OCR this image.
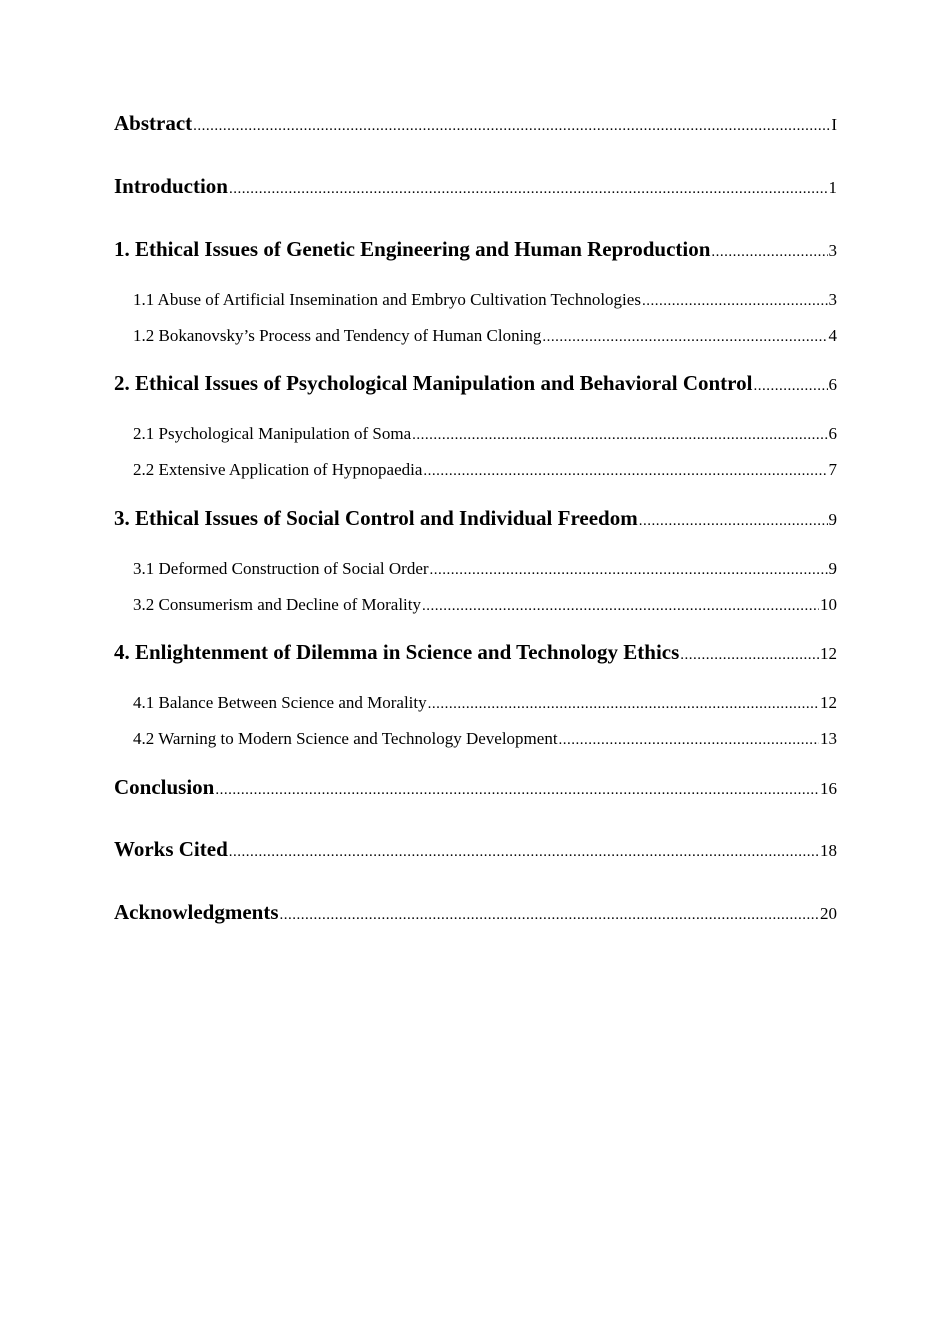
Abstract .....	I
Introduction .....	1
1. Ethical Issues of Genetic Engineering and Human Reproduction .....	3
1.1 Abuse of Artificial Insemination and Embryo Cultivation Technologies .....	3
1.2 Bokanovsky’s Process and Tendency of Human Cloning .....	4
2. Ethical Issues of Psychological Manipulation and Behavioral Control .....	6
2.1 Psychological Manipulation of Soma .....	6
2.2 Extensive Application of Hypnopaedia .....	7
3. Ethical Issues of Social Control and Individual Freedom .....	9
3.1 Deformed Construction of Social Order .....	9
3.2 Consumerism and Decline of Morality .....	10
4. Enlightenment of Dilemma in Science and Technology Ethics .....	12
4.1 Balance Between Science and Morality .....	12
4.2 Warning to Modern Science and Technology Development .....	13
Conclusion .....	16
Works Cited .....	18
Acknowledgments .....	20
